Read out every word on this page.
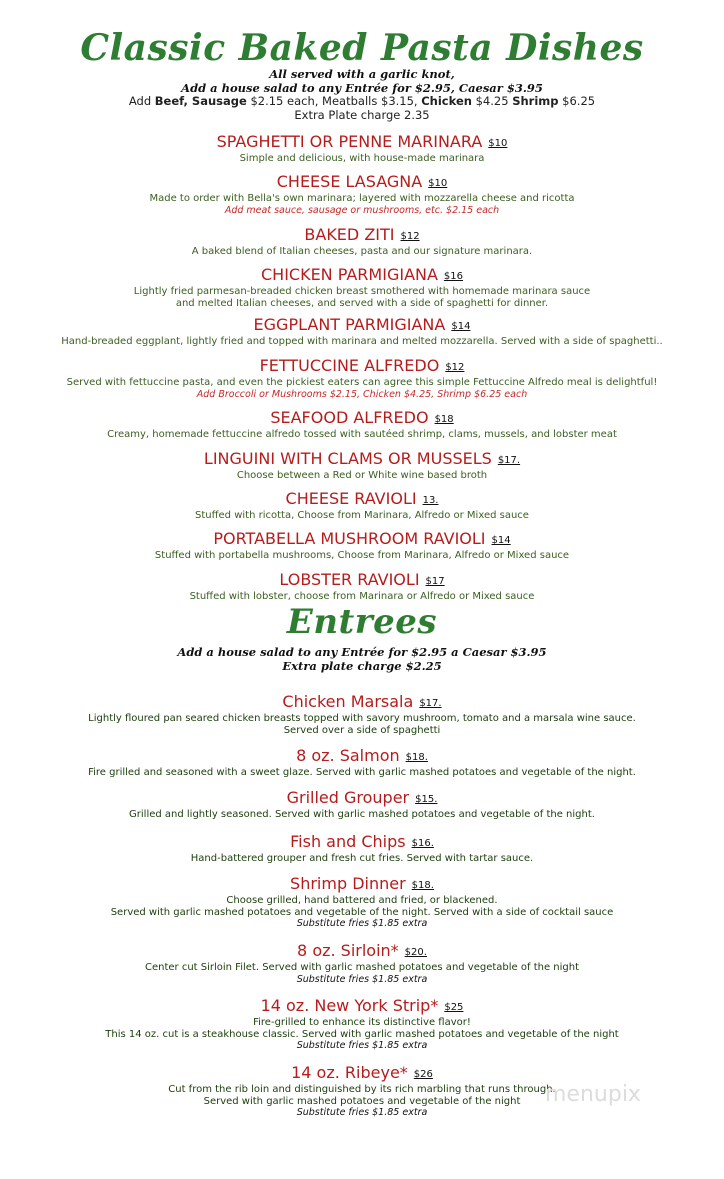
Classic Baked Pasta Dishes
All served with a garlic knot,
Add a house salad to any Entrée for $2.95, Caesar $3.95
Add Beef, Sausage $2.15 each, Meatballs $3.15, Chicken $4.25 Shrimp $6.25
Extra Plate charge 2.35
SPAGHETTI OR PENNE MARINARA $10
Simple and delicious, with house-made marinara
CHEESE LASAGNA $10
Made to order with Bella's own marinara; layered with mozzarella cheese and ricotta
Add meat sauce, sausage or mushrooms, etc. $2.15 each
BAKED ZITI $12
A baked blend of Italian cheeses, pasta and our signature marinara.
CHICKEN PARMIGIANA $16
Lightly fried parmesan-breaded chicken breast smothered with homemade marinara sauce
and melted Italian cheeses, and served with a side of spaghetti for dinner.
EGGPLANT PARMIGIANA $14
Hand-breaded eggplant, lightly fried and topped with marinara and melted mozzarella. Served with a side of spaghetti..
FETTUCCINE ALFREDO $12
Served with fettuccine pasta, and even the pickiest eaters can agree this simple Fettuccine Alfredo meal is delightful!
Add Broccoli or Mushrooms $2.15, Chicken $4.25, Shrimp $6.25 each
SEAFOOD ALFREDO $18
Creamy, homemade fettuccine alfredo tossed with sautéed shrimp, clams, mussels, and lobster meat
LINGUINI WITH CLAMS OR MUSSELS $17.
Choose between a Red or White wine based broth
CHEESE RAVIOLI 13.
Stuffed with ricotta, Choose from Marinara, Alfredo or Mixed sauce
PORTABELLA MUSHROOM RAVIOLI $14
Stuffed with portabella mushrooms, Choose from Marinara, Alfredo or Mixed sauce
LOBSTER RAVIOLI $17
Stuffed with lobster, choose from Marinara or Alfredo or Mixed sauce
Entrees
Add a house salad to any Entrée for $2.95 a Caesar $3.95
Extra plate charge $2.25
Chicken Marsala $17.
Lightly floured pan seared chicken breasts topped with savory mushroom, tomato and a marsala wine sauce.
Served over a side of spaghetti
8 oz. Salmon $18.
Fire grilled and seasoned with a sweet glaze. Served with garlic mashed potatoes and vegetable of the night.
Grilled Grouper $15.
Grilled and lightly seasoned. Served with garlic mashed potatoes and vegetable of the night.
Fish and Chips $16.
Hand-battered grouper and fresh cut fries. Served with tartar sauce.
Shrimp Dinner $18.
Choose grilled, hand battered and fried, or blackened.
Served with garlic mashed potatoes and vegetable of the night. Served with a side of cocktail sauce
Substitute fries $1.85 extra
8 oz. Sirloin* $20.
Center cut Sirloin Filet. Served with garlic mashed potatoes and vegetable of the night
Substitute fries $1.85 extra
14 oz. New York Strip* $25
Fire-grilled to enhance its distinctive flavor!
This 14 oz. cut is a steakhouse classic. Served with garlic mashed potatoes and vegetable of the night
Substitute fries $1.85 extra
14 oz. Ribeye* $26
Cut from the rib loin and distinguished by its rich marbling that runs through.
Served with garlic mashed potatoes and vegetable of the night
Substitute fries $1.85 extra
menupix
